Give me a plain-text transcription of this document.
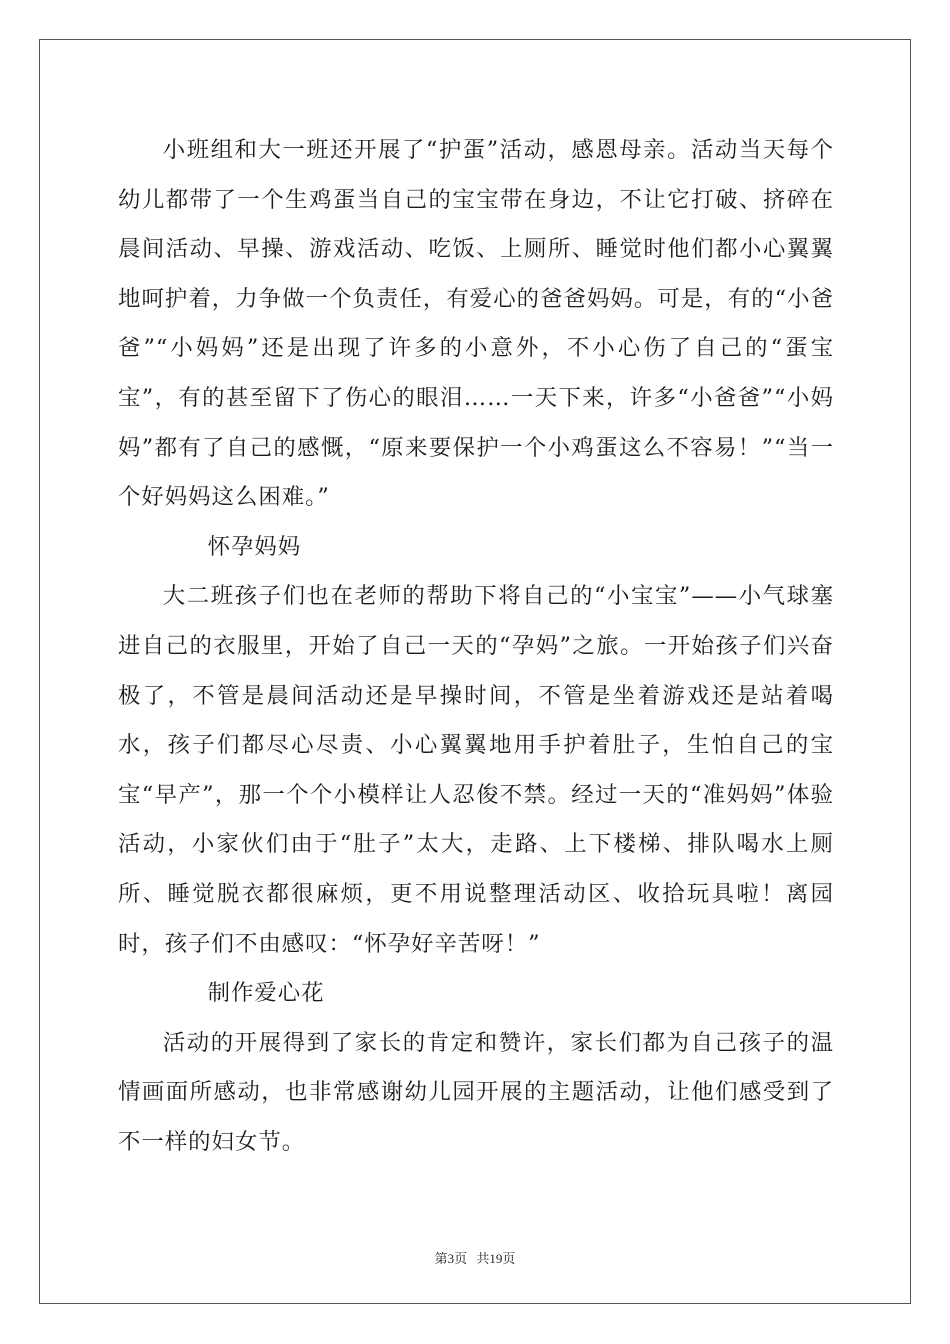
小班组和大一班还开展了“护蛋”活动，感恩母亲。活动当天每个幼儿都带了一个生鸡蛋当自己的宝宝带在身边，不让它打破、挤碎在晨间活动、早操、游戏活动、吃饭、上厕所、睡觉时他们都小心翼翼地呵护着，力争做一个负责任，有爱心的爸爸妈妈。可是，有的“小爸爸”“小妈妈”还是出现了许多的小意外，不小心伤了自己的“蛋宝宝”，有的甚至留下了伤心的眼泪……一天下来，许多“小爸爸”“小妈妈”都有了自己的感慨，“原来要保护一个小鸡蛋这么不容易！”“当一个好妈妈这么困难。”

怀孕妈妈

大二班孩子们也在老师的帮助下将自己的“小宝宝”——小气球塞进自己的衣服里，开始了自己一天的“孕妈”之旅。一开始孩子们兴奋极了，不管是晨间活动还是早操时间，不管是坐着游戏还是站着喝水，孩子们都尽心尽责、小心翼翼地用手护着肚子，生怕自己的宝宝“早产”，那一个个小模样让人忍俊不禁。经过一天的“准妈妈”体验活动，小家伙们由于“肚子”太大，走路、上下楼梯、排队喝水上厕所、睡觉脱衣都很麻烦，更不用说整理活动区、收拾玩具啦！离园时，孩子们不由感叹：“怀孕好辛苦呀！”

制作爱心花

活动的开展得到了家长的肯定和赞许，家长们都为自己孩子的温情画面所感动，也非常感谢幼儿园开展的主题活动，让他们感受到了不一样的妇女节。

第3页 共19页
